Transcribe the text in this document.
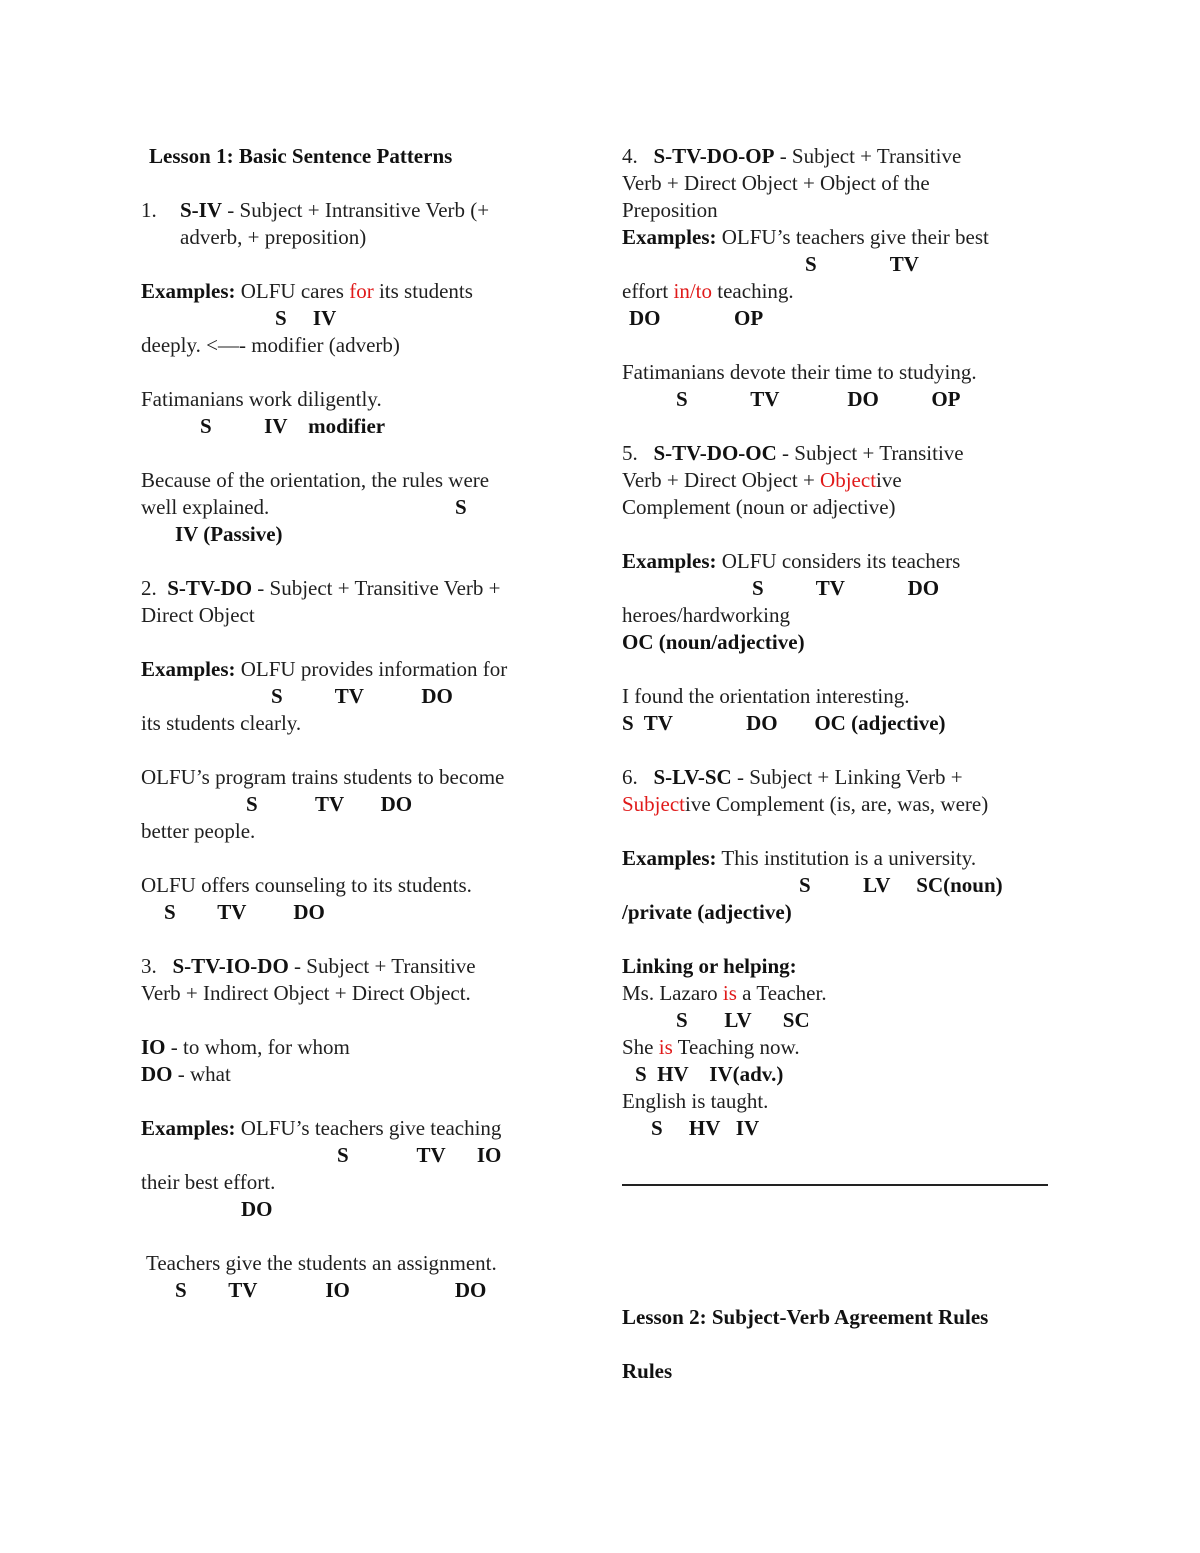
Lesson 1: Basic Sentence Patterns
1. S-IV - Subject + Intransitive Verb (+
adverb, + preposition)
Examples: OLFU cares for its students
S     IV
deeply. <—- modifier (adverb)
Fatimanians work diligently.
S          IV    modifier
Because of the orientation, the rules were
well explained.	S
IV (Passive)
2. S-TV-DO - Subject + Transitive Verb +
Direct Object
Examples: OLFU provides information for
S          TV           DO
its students clearly.
OLFU’s program trains students to become
S           TV       DO
better people.
OLFU offers counseling to its students.
S        TV         DO
3. S-TV-IO-DO - Subject + Transitive
Verb + Indirect Object + Direct Object.
IO - to whom, for whom
DO - what
Examples: OLFU’s teachers give teaching
S             TV      IO
their best effort.
DO
Teachers give the students an assignment.
S        TV             IO                    DO
4. S-TV-DO-OP - Subject + Transitive
Verb + Direct Object + Object of the
Preposition
Examples: OLFU’s teachers give their best
S              TV
effort in/to teaching.
DO              OP
Fatimanians devote their time to studying.
S            TV             DO          OP
5. S-TV-DO-OC - Subject + Transitive
Verb + Direct Object + Objective
Complement (noun or adjective)
Examples: OLFU considers its teachers
S          TV            DO
heroes/hardworking
OC (noun/adjective)
I found the orientation interesting.
S  TV              DO       OC (adjective)
6. S-LV-SC - Subject + Linking Verb +
Subjective Complement (is, are, was, were)
Examples: This institution is a university.
S          LV     SC(noun)
/private (adjective)
Linking or helping:
Ms. Lazaro is a Teacher.
S       LV      SC
She is Teaching now.
S  HV    IV(adv.)
English is taught.
S     HV   IV
Lesson 2: Subject-Verb Agreement Rules
Rules
